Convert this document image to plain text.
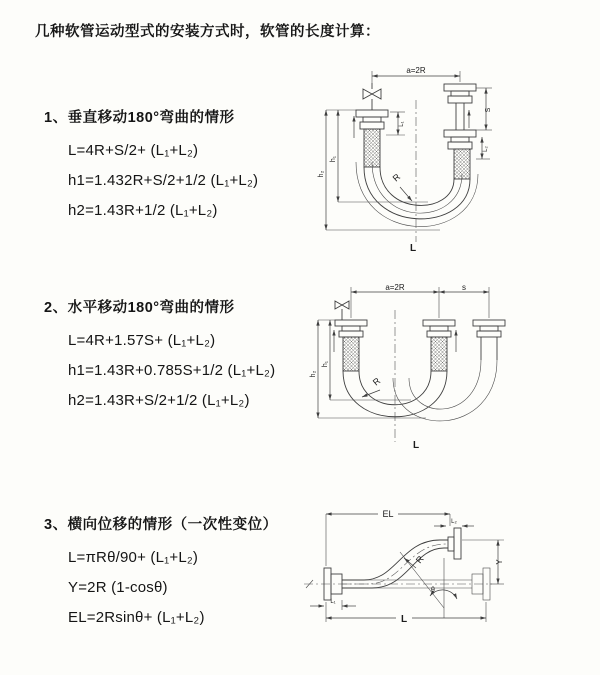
几种软管运动型式的安装方式时，软管的长度计算：
1、垂直移动180°弯曲的情形
L=4R+S/2+ (L₁+L₂)
h1=1.432R+S/2+1/2 (L₁+L₂)
h2=1.43R+1/2 (L₁+L₂)
2、水平移动180°弯曲的情形
L=4R+1.57S+ (L₁+L₂)
h1=1.43R+0.785S+1/2 (L₁+L₂)
h2=1.43R+S/2+1/2 (L₁+L₂)
3、横向位移的情形（一次性变位）
L=πRθ/90+ (L₁+L₂)
Y=2R (1-cosθ)
EL=2Rsinθ+ (L₁+L₂)
a=2R
h₂
h₁
L₁
S
L₂
R
L
a=2R	s
h₂
h₁
R
L
EL
L₂
Y
θ
R
L₁
L
